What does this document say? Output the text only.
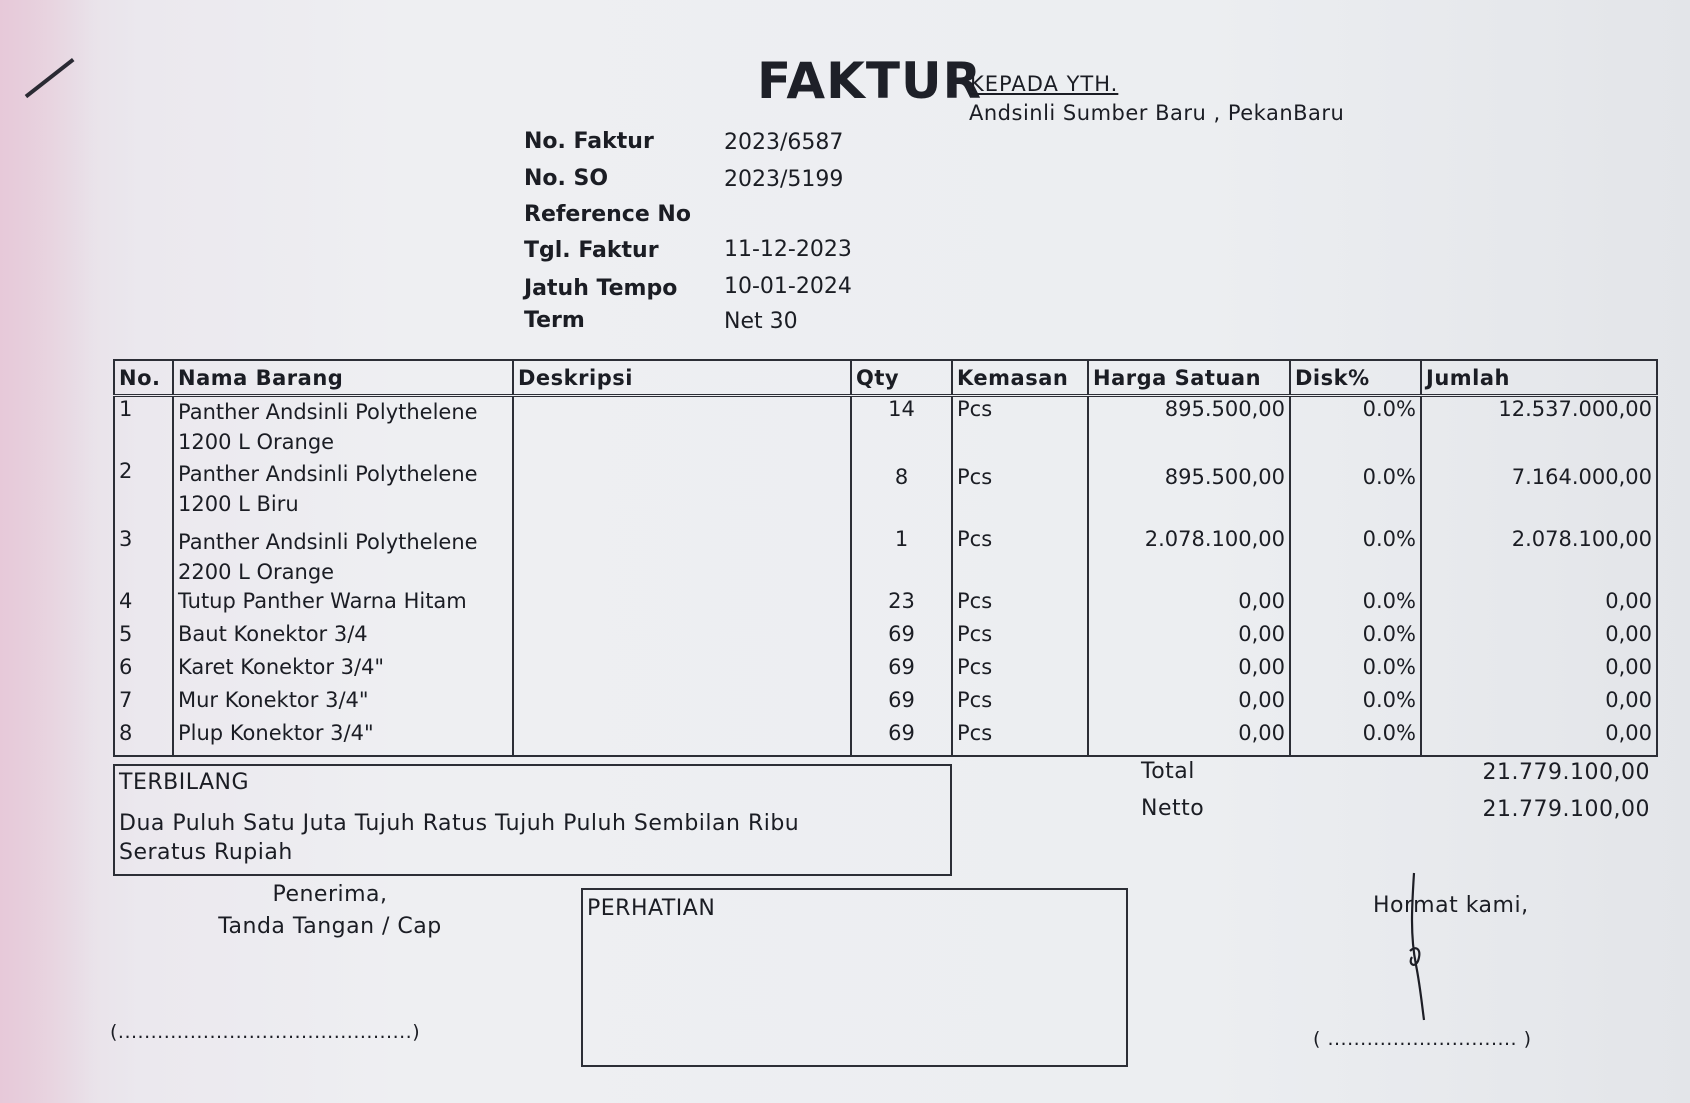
FAKTUR
KEPADA YTH.
Andsinli Sumber Baru , PekanBaru
No. Faktur	2023/6587
No. SO	2023/5199
Reference No
Tgl. Faktur	11-12-2023
Jatuh Tempo 10-01-2024
Term	Net 30
No.	Nama Barang	Deskripsi	Qty	Kemasan	Harga Satuan	Disk%	Jumlah
1	Panther Andsinli Polythelene 1200 L Orange		14	Pcs	895.500,00	0.0%	12.537.000,00
2	Panther Andsinli Polythelene 1200 L Biru		8	Pcs	895.500,00	0.0%	7.164.000,00
3	Panther Andsinli Polythelene 2200 L Orange		1	Pcs	2.078.100,00	0.0%	2.078.100,00
4	Tutup Panther Warna Hitam		23	Pcs	0,00	0.0%	0,00
5	Baut Konektor 3/4		69	Pcs	0,00	0.0%	0,00
6	Karet Konektor 3/4"		69	Pcs	0,00	0.0%	0,00
7	Mur Konektor 3/4"		69	Pcs	0,00	0.0%	0,00
8	Plup Konektor 3/4"		69	Pcs	0,00	0.0%	0,00
TERBILANG
Dua Puluh Satu Juta Tujuh Ratus Tujuh Puluh Sembilan Ribu
Seratus Rupiah
Total	21.779.100,00
Netto	21.779.100,00
Penerima,
Tanda Tangan / Cap
(.............................................)
PERHATIAN	Hormat kami,
( ............................. )
